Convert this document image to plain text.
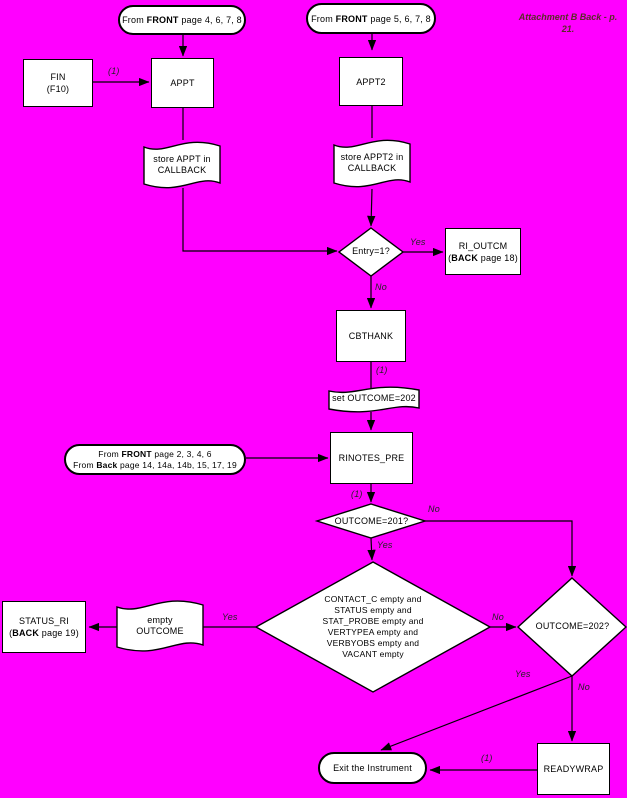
Attachment B Back - p. 21.
From FRONT page 4, 6, 7, 8	From FRONT page 5, 6, 7, 8
From FRONT page 2, 3, 4, 6
From Back page 14, 14a, 14b, 15, 17, 19
Exit the Instrument
FIN
(F10)
APPT	APPT2
RI_OUTCM
(BACK page 18)
CBTHANK
RINOTES_PRE
STATUS_RI
(BACK page 19)
READYWRAP
store APPT in
CALLBACK
store APPT2 in
CALLBACK
set OUTCOME=202
empty
OUTCOME
Entry=1?
OUTCOME=201?
CONTACT_C empty and
STATUS empty and
STAT_PROBE empty and
VERTYPEA empty and
VERBYOBS empty and
VACANT empty
OUTCOME=202?
(1)
Yes
No
(1)
(1)
No
Yes
Yes	No
Yes
No
(1)
